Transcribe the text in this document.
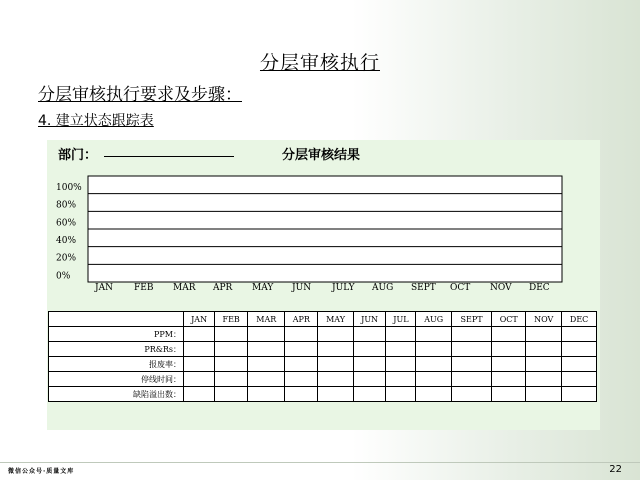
分层审核执行
分层审核执行要求及步骤：
4. 建立状态跟踪表
部门：	分层审核结果
100%
80%
60%
40%
20%
0%
JAN FEB MAR APR MAY JUN JULY AUG SEPT OCT NOV DEC
	JAN	FEB	MAR	APR	MAY	JUN	JUL	AUG	SEPT	OCT	NOV	DEC
PPM：												
PR&Rs：												
报废率：												
停线时间：												
缺陷溢出数：												
微信公众号·质量文库	22
